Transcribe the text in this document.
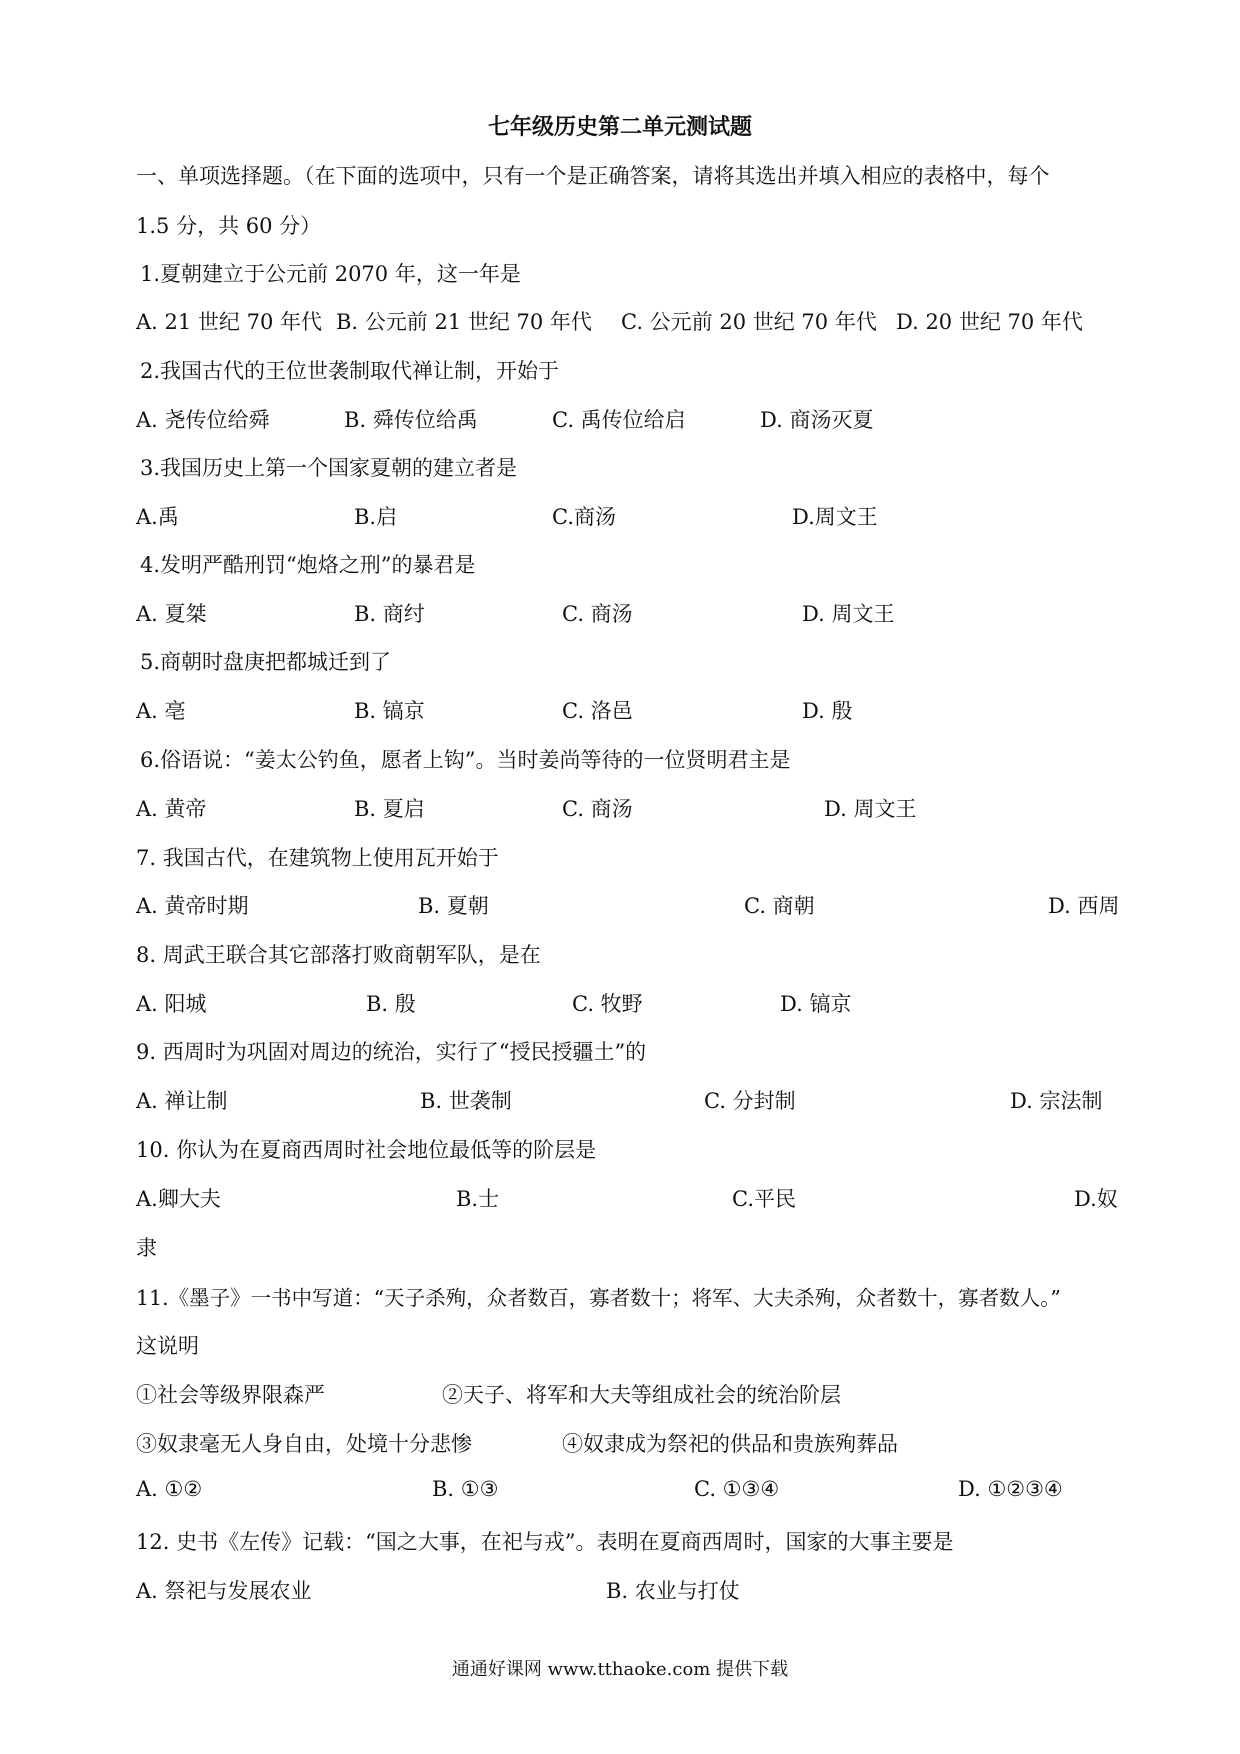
七年级历史第二单元测试题
一、单项选择题。（在下面的选项中，只有一个是正确答案，请将其选出并填入相应的表格中，每个
1.5 分，共 60 分）
1.夏朝建立于公元前 2070 年，这一年是
A. 21 世纪 70 年代 B. 公元前 21 世纪 70 年代 C. 公元前 20 世纪 70 年代 D. 20 世纪 70 年代
2.我国古代的王位世袭制取代禅让制，开始于
A. 尧传位给舜	B. 舜传位给禹	C. 禹传位给启	D. 商汤灭夏
3.我国历史上第一个国家夏朝的建立者是
A.禹	B.启	C.商汤	D.周文王
4.发明严酷刑罚“炮烙之刑”的暴君是
A. 夏桀	B. 商纣	C. 商汤	D. 周文王
5.商朝时盘庚把都城迁到了
A. 亳	B. 镐京	C. 洛邑	D. 殷
6.俗语说：“姜太公钓鱼，愿者上钩”。当时姜尚等待的一位贤明君主是
A. 黄帝	B. 夏启	C. 商汤	D. 周文王
7. 我国古代，在建筑物上使用瓦开始于
A. 黄帝时期	B. 夏朝	C. 商朝	D. 西周
8. 周武王联合其它部落打败商朝军队，是在
A. 阳城	B. 殷	C. 牧野	D. 镐京
9. 西周时为巩固对周边的统治，实行了“授民授疆土”的
A. 禅让制	B. 世袭制	C. 分封制	D. 宗法制
10. 你认为在夏商西周时社会地位最低等的阶层是
A.卿大夫	B.士	C.平民	D.奴
隶
11.《墨子》一书中写道：“天子杀殉，众者数百，寡者数十；将军、大夫杀殉，众者数十，寡者数人。”
这说明
①社会等级界限森严	②天子、将军和大夫等组成社会的统治阶层
③奴隶毫无人身自由，处境十分悲惨	④奴隶成为祭祀的供品和贵族殉葬品
A. ①②	B. ①③	C. ①③④	D. ①②③④
12. 史书《左传》记载：“国之大事，在祀与戎”。表明在夏商西周时，国家的大事主要是
A. 祭祀与发展农业	B. 农业与打仗
通通好课网 www.tthaoke.com 提供下载
